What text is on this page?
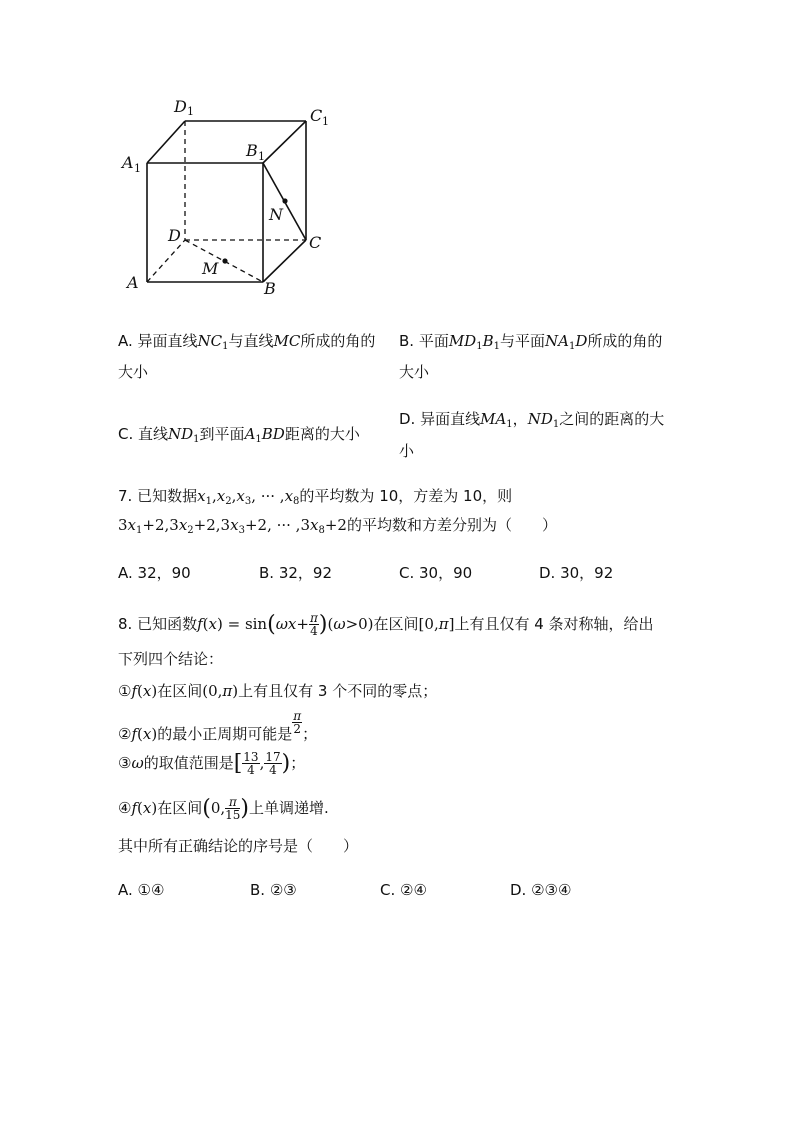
D 1	C 1
A 1
B 1
N
D	C
M
A	B
A. 异面直线$NC_1$与直线MC所成的角的
大小
B. 平面$MD_1B_1$与平面$NA_1D$所成的角的
大小
C. 直线$ND_1$到平面$A_1BD$距离的大小
D. 异面直线$MA_1$，$ND_1$之间的距离的大
小
7. 已知数据$x_1,x_2,x_3$, ··· $,x_8$的平均数为 10，方差为 10，则
$3x_1+2,3x_2+2,3x_3+2$, ··· $,3x_8+2$的平均数和方差分别为（　　）
A. 32，90	B. 32，92	C. 30，90	D. 30，92
8. 已知函数$f(x) = \sin(\omega x+ \frac{\pi}{4} )(\omega>0)$在区间[0,π]上有且仅有 4 条对称轴，给出
下列四个结论：
①f(x)在区间(0,π)上有且仅有 3 个不同的零点；
②f(x)的最小正周期可能是 $\frac{\pi}{2}$ ；
③ω的取值范围是[ $\frac{13}{4}$ , $\frac{17}{4}$ )；
④f(x)在区间(0, $\frac{\pi}{15}$ )上单调递增.
其中所有正确结论的序号是（　　）
A. ①④	B. ②③	C. ②④	D. ②③④
